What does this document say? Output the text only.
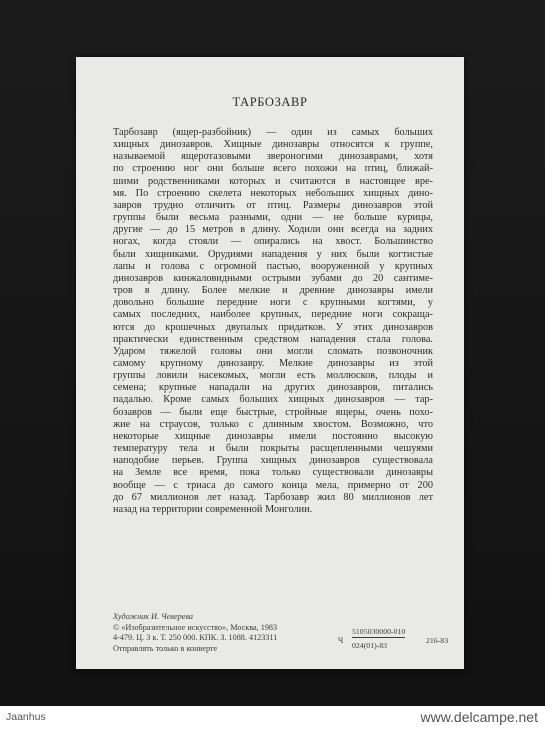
ТАРБОЗАВР
Тарбозавр (ящер-разбойник) — один из самых больших
хищных динозавров. Хищные динозавры относятся к группе,
называемой ящеротазовыми звероногими динозаврами, хотя
по строению ног они больше всего похожи на птиц, ближай-
шими родственниками которых и считаются в настоящее вре-
мя. По строению скелета некоторых небольших хищных дино-
завров трудно отличить от птиц. Размеры динозавров этой
группы были весьма разными, одни — не больше курицы,
другие — до 15 метров в длину. Ходили они всегда на задних
ногах, когда стояли — опирались на хвост. Большинство
были хищниками. Орудиями нападения у них были когтистые
лапы и голова с огромной пастью, вооруженной у крупных
динозавров кинжаловидными острыми зубами до 20 сантиме-
тров в длину. Более мелкие и древние динозавры имели
довольно большие передние ноги с крупными когтями, у
самых последних, наиболее крупных, передние ноги сокраща-
ются до крошечных двупалых придатков. У этих динозавров
практически единственным средством нападения стала голова.
Ударом тяжелой головы они могли сломать позвоночник
самому крупному динозавру. Мелкие динозавры из этой
группы ловили насекомых, могли есть моллюсков, плоды и
семена; крупные нападали на других динозавров, питались
падалью. Кроме самых больших хищных динозавров — тар-
бозавров — были еще быстрые, стройные ящеры, очень похо-
жие на страусов, только с длинным хвостом. Возможно, что
некоторые хищные динозавры имели постоянно высокую
температуру тела и были покрыты расщепленными чешуями
наподобие перьев. Группа хищных динозавров существовала
на Земле все время, пока только существовали динозавры
вообще — с триаса до самого конца мела, примерно от 200
до 67 миллионов лет назад. Тарбозавр жил 80 миллионов лет
назад на территории современной Монголии.
Художник И. Чеверева
© «Изобразительное искусство», Москва, 1983
4-479. Ц. 3 к. Т. 250 000. КПК. З. 1088. 4123311
Отправлять только в конверте
Ч
5105030000-010
024(01)-83
216-83
Jaanhus	www.delcampe.net
